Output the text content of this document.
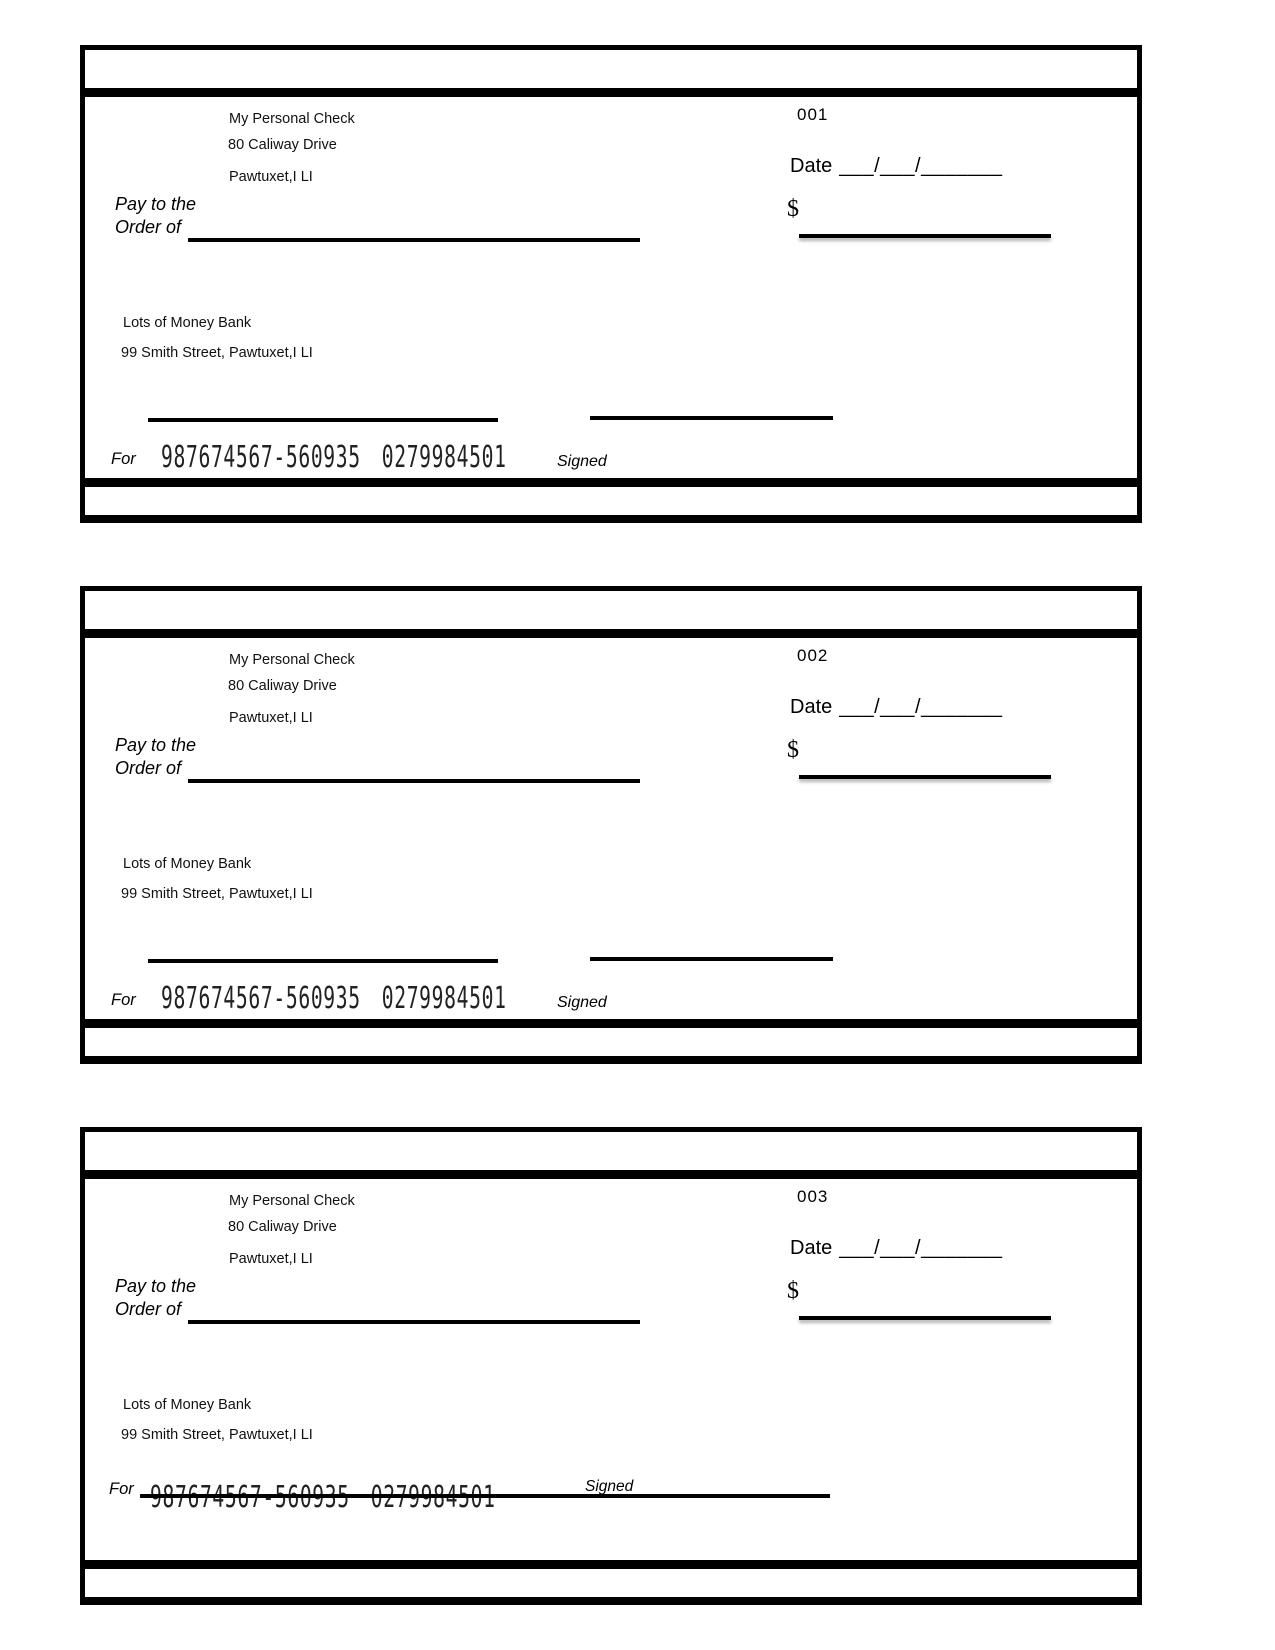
My Personal Check
80 Caliway Drive
Pawtuxet,I LI
001
Date ___/___/_______
Pay to the
Order of
$
Lots of Money Bank
99 Smith Street, Pawtuxet,I LI
For 987674567-560935 0279984501	Signed
My Personal Check
80 Caliway Drive
Pawtuxet,I LI
002
Date ___/___/_______
Pay to the
Order of
$
Lots of Money Bank
99 Smith Street, Pawtuxet,I LI
For 987674567-560935 0279984501	Signed
My Personal Check
80 Caliway Drive
Pawtuxet,I LI
003
Date ___/___/_______
Pay to the
Order of
$
Lots of Money Bank
99 Smith Street, Pawtuxet,I LI
For	Signed
